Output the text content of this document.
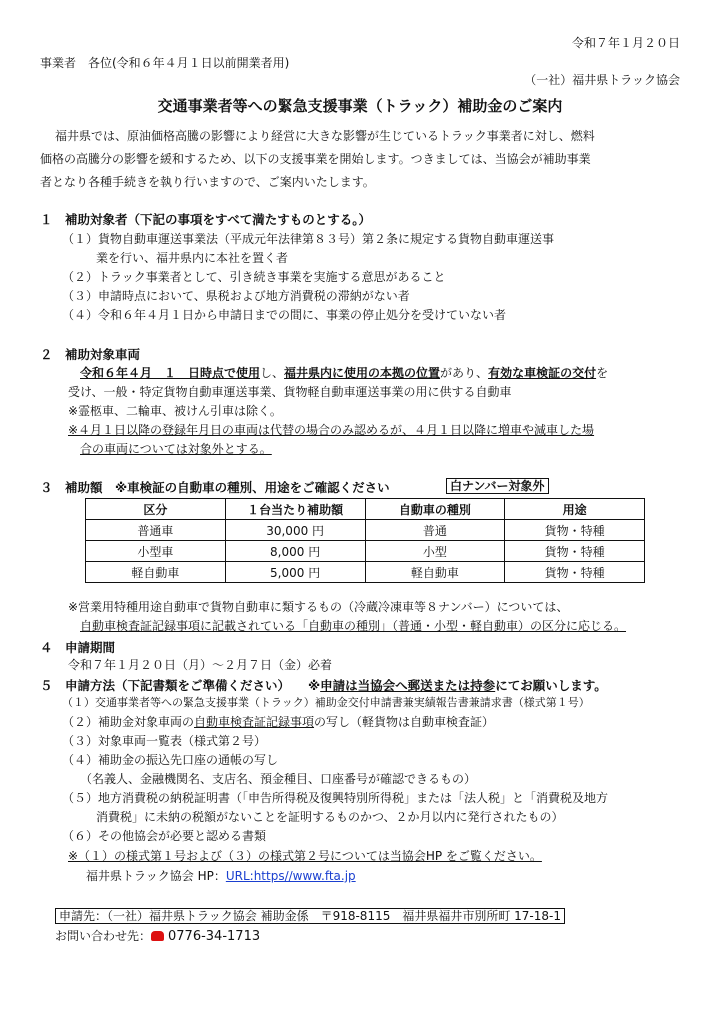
令和７年１月２０日
事業者　各位(令和６年４月１日以前開業者用)
（一社）福井県トラック協会
交通事業者等への緊急支援事業（トラック）補助金のご案内
福井県では、原油価格高騰の影響により経営に大きな影響が生じているトラック事業者に対し、燃料
価格の高騰分の影響を緩和するため、以下の支援事業を開始します。つきましては、当協会が補助事業
者となり各種手続きを執り行いますので、ご案内いたします。
１　補助対象者（下記の事項をすべて満たすものとする。）
（１）貨物自動車運送事業法（平成元年法律第８３号）第２条に規定する貨物自動車運送事
業を行い、福井県内に本社を置く者
（２）トラック事業者として、引き続き事業を実施する意思があること
（３）申請時点において、県税および地方消費税の滞納がない者
（４）令和６年４月１日から申請日までの間に、事業の停止処分を受けていない者
２　補助対象車両
令和６年４月　１　日時点で使用し、福井県内に使用の本拠の位置があり、有効な車検証の交付を
受け、一般・特定貨物自動車運送事業、貨物軽自動車運送事業の用に供する自動車
※霊柩車、二輪車、被けん引車は除く。
※４月１日以降の登録年月日の車両は代替の場合のみ認めるが、４月１日以降に増車や減車した場
合の車両については対象外とする。
３　補助額　※車検証の自動車の種別、用途をご確認ください	白ナンバー対象外
区分	１台当たり補助額	自動車の種別	用途
普通車	30,000 円	普通	貨物・特種
小型車	8,000 円	小型	貨物・特種
軽自動車	5,000 円	軽自動車	貨物・特種
※営業用特種用途自動車で貨物自動車に類するもの（冷蔵冷凍車等８ナンバー）については、
自動車検査証記録事項に記載されている「自動車の種別」（普通・小型・軽自動車）の区分に応じる。
４　申請期間
令和７年１月２０日（月）～２月７日（金）必着
５　申請方法（下記書類をご準備ください） ※申請は当協会へ郵送または持参にてお願いします。
（１）交通事業者等への緊急支援事業（トラック）補助金交付申請書兼実績報告書兼請求書（様式第１号）
（２）補助金対象車両の自動車検査証記録事項の写し（軽貨物は自動車検査証）
（３）対象車両一覧表（様式第２号）
（４）補助金の振込先口座の通帳の写し
（名義人、金融機関名、支店名、預金種目、口座番号が確認できるもの）
（５）地方消費税の納税証明書（「申告所得税及復興特別所得税」または「法人税」と「消費税及地方
消費税」に未納の税額がないことを証明するものかつ、２か月以内に発行されたもの）
（６）その他協会が必要と認める書類
※（１）の様式第１号および（３）の様式第２号については当協会HP をご覧ください。
福井県トラック協会 HP：URL:https//www.fta.jp
申請先：（一社）福井県トラック協会 補助金係　〒918-8115　福井県福井市別所町 17-18-1
お問い合わせ先： 0776-34-1713
